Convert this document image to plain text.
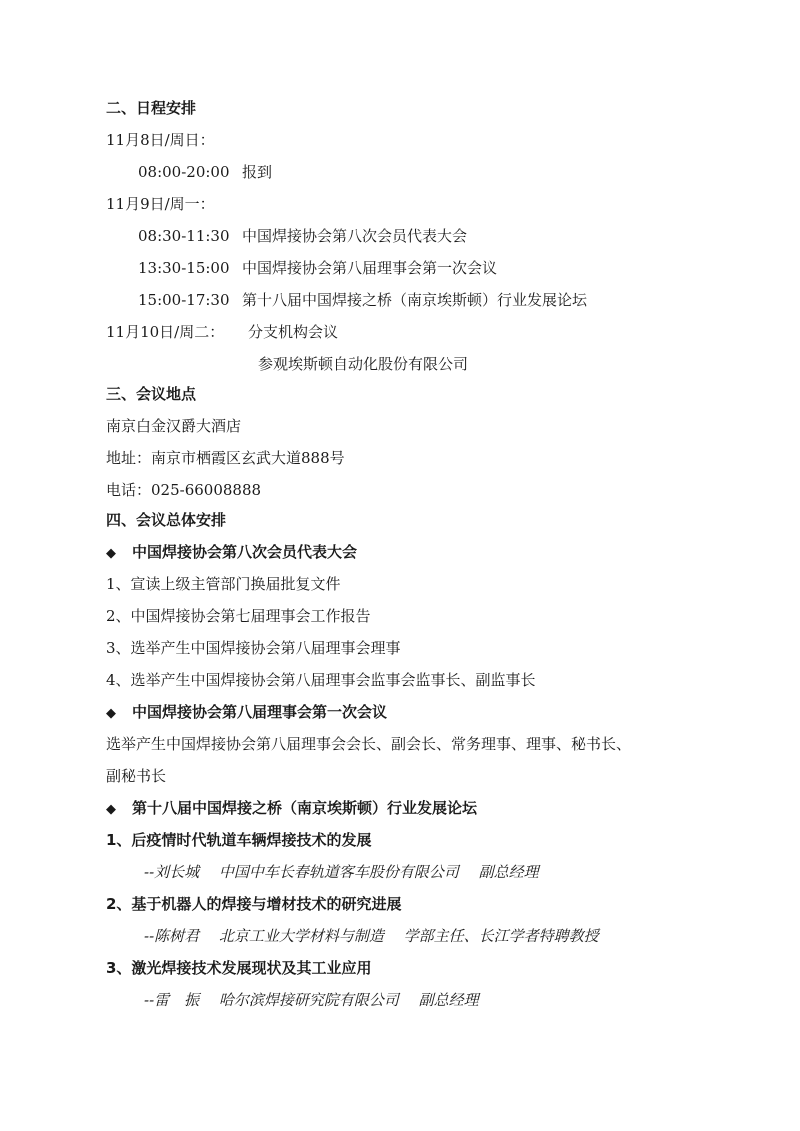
二、日程安排
11月8日/周日：
08:00-20:00 报到
11月9日/周一：
08:30-11:30 中国焊接协会第八次会员代表大会
13:30-15:00 中国焊接协会第八届理事会第一次会议
15:00-17:30 第十八届中国焊接之桥（南京埃斯顿）行业发展论坛
11月10日/周二： 分支机构会议
参观埃斯顿自动化股份有限公司
三、会议地点
南京白金汉爵大酒店
地址：南京市栖霞区玄武大道888号
电话：025-66008888
四、会议总体安排
◆ 中国焊接协会第八次会员代表大会
1、宣读上级主管部门换届批复文件
2、中国焊接协会第七届理事会工作报告
3、选举产生中国焊接协会第八届理事会理事
4、选举产生中国焊接协会第八届理事会监事会监事长、副监事长
◆ 中国焊接协会第八届理事会第一次会议
选举产生中国焊接协会第八届理事会会长、副会长、常务理事、理事、秘书长、
副秘书长
◆ 第十八届中国焊接之桥（南京埃斯顿）行业发展论坛
1、后疫情时代轨道车辆焊接技术的发展
--刘长城　 中国中车长春轨道客车股份有限公司　 副总经理
2、基于机器人的焊接与增材技术的研究进展
--陈树君　 北京工业大学材料与制造　 学部主任、长江学者特聘教授
3、激光焊接技术发展现状及其工业应用
--雷　振　 哈尔滨焊接研究院有限公司　 副总经理
